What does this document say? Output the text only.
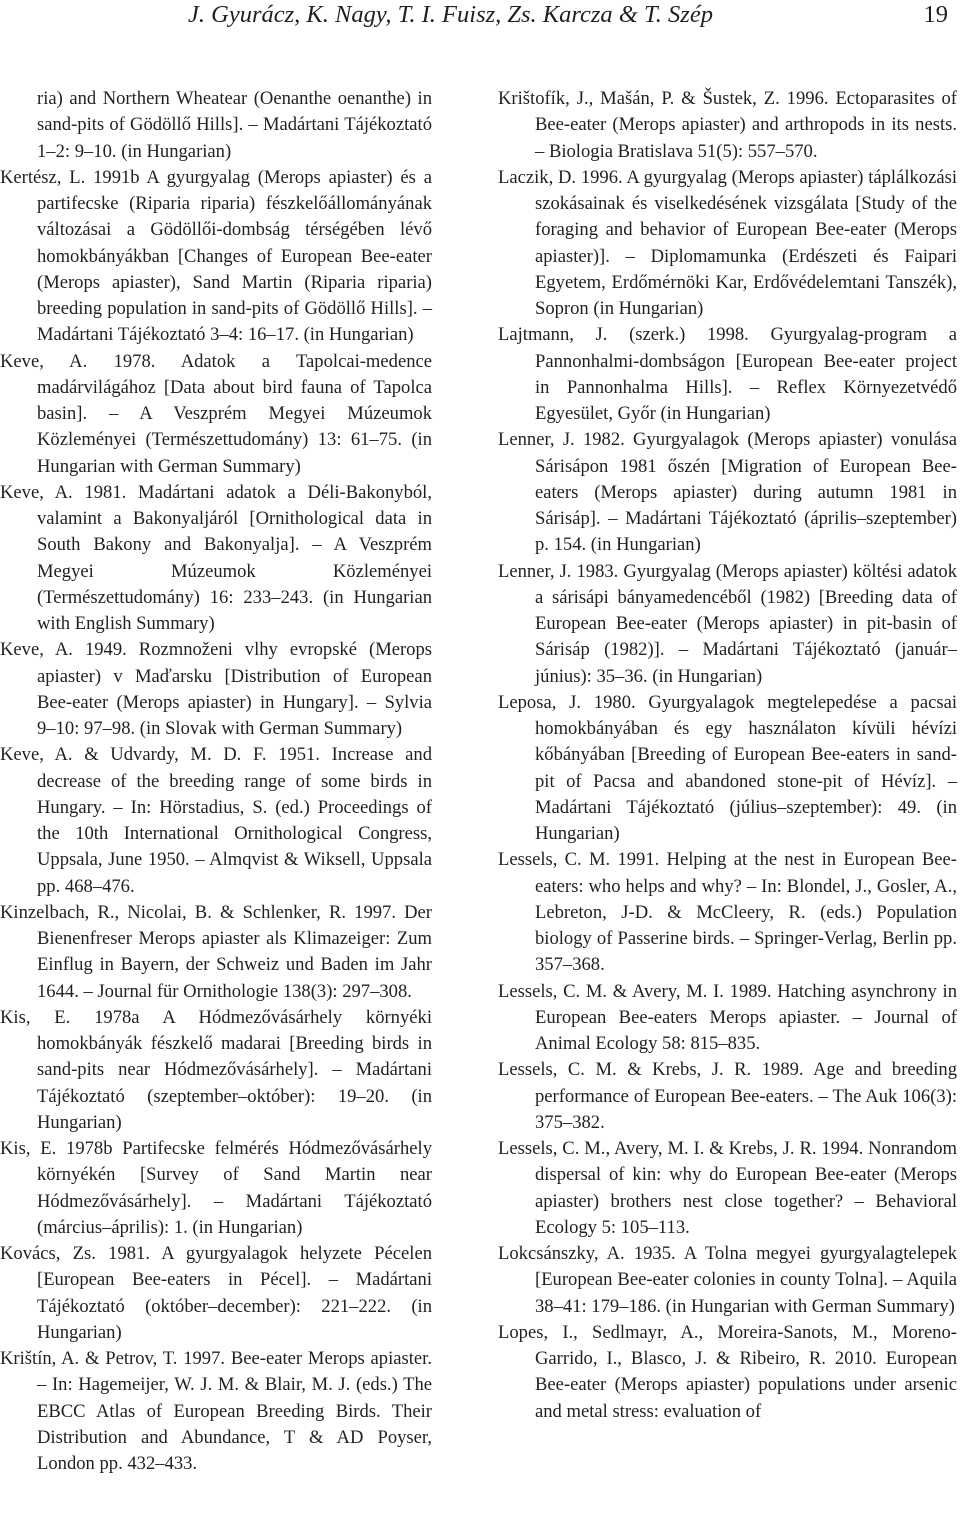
J. Gyurácz, K. Nagy, T. I. Fuisz, Zs. Karcza & T. Szép	19

ria) and Northern Wheatear (Oenanthe oenanthe) in sand-pits of Gödöllő Hills]. – Madártani Tájékoztató 1–2: 9–10. (in Hungarian)

Kertész, L. 1991b A gyurgyalag (Merops apiaster) és a partifecske (Riparia riparia) fészkelőállományának változásai a Gödöllői-dombság térségében lévő homokbányákban [Changes of European Bee-eater (Merops apiaster), Sand Martin (Riparia riparia) breeding population in sand-pits of Gödöllő Hills]. – Madártani Tájékoztató 3–4: 16–17. (in Hungarian)

Keve, A. 1978. Adatok a Tapolcai-medence madárvilágához [Data about bird fauna of Tapolca basin]. – A Veszprém Megyei Múzeumok Közleményei (Természettudomány) 13: 61–75. (in Hungarian with German Summary)

Keve, A. 1981. Madártani adatok a Déli-Bakonyból, valamint a Bakonyaljáról [Ornithological data in South Bakony and Bakonyalja]. – A Veszprém Megyei Múzeumok Közleményei (Természettudomány) 16: 233–243. (in Hungarian with English Summary)

Keve, A. 1949. Rozmnoženi vlhy evropské (Merops apiaster) v Maďarsku [Distribution of European Bee-eater (Merops apiaster) in Hungary]. – Sylvia 9–10: 97–98. (in Slovak with German Summary)

Keve, A. & Udvardy, M. D. F. 1951. Increase and decrease of the breeding range of some birds in Hungary. – In: Hörstadius, S. (ed.) Proceedings of the 10th International Ornithological Congress, Uppsala, June 1950. – Almqvist & Wiksell, Uppsala pp. 468–476.

Kinzelbach, R., Nicolai, B. & Schlenker, R. 1997. Der Bienenfreser Merops apiaster als Klimazeiger: Zum Einflug in Bayern, der Schweiz und Baden im Jahr 1644. – Journal für Ornithologie 138(3): 297–308.

Kis, E. 1978a A Hódmezővásárhely környéki homokbányák fészkelő madarai [Breeding birds in sand-pits near Hódmezővásárhely]. – Madártani Tájékoztató (szeptember–október): 19–20. (in Hungarian)

Kis, E. 1978b Partifecske felmérés Hódmezővásárhely környékén [Survey of Sand Martin near Hódmezővásárhely]. – Madártani Tájékoztató (március–április): 1. (in Hungarian)

Kovács, Zs. 1981. A gyurgyalagok helyzete Pécelen [European Bee-eaters in Pécel]. – Madártani Tájékoztató (október–december): 221–222. (in Hungarian)

Krištín, A. & Petrov, T. 1997. Bee-eater Merops apiaster. – In: Hagemeijer, W. J. M. & Blair, M. J. (eds.) The EBCC Atlas of European Breeding Birds. Their Distribution and Abundance, T & AD Poyser, London pp. 432–433.

Krištofík, J., Mašán, P. & Šustek, Z. 1996. Ectoparasites of Bee-eater (Merops apiaster) and arthropods in its nests. – Biologia Bratislava 51(5): 557–570.

Laczik, D. 1996. A gyurgyalag (Merops apiaster) táplálkozási szokásainak és viselkedésének vizsgálata [Study of the foraging and behavior of European Bee-eater (Merops apiaster)]. – Diplomamunka (Erdészeti és Faipari Egyetem, Erdőmérnöki Kar, Erdővédelemtani Tanszék), Sopron (in Hungarian)

Lajtmann, J. (szerk.) 1998. Gyurgyalag-program a Pannonhalmi-dombságon [European Bee-eater project in Pannonhalma Hills]. – Reflex Környezetvédő Egyesület, Győr (in Hungarian)

Lenner, J. 1982. Gyurgyalagok (Merops apiaster) vonulása Sárisápon 1981 őszén [Migration of European Bee-eaters (Merops apiaster) during autumn 1981 in Sárisáp]. – Madártani Tájékoztató (április–szeptember) p. 154. (in Hungarian)

Lenner, J. 1983. Gyurgyalag (Merops apiaster) költési adatok a sárisápi bányamedencéből (1982) [Breeding data of European Bee-eater (Merops apiaster) in pit-basin of Sárisáp (1982)]. – Madártani Tájékoztató (január–június): 35–36. (in Hungarian)

Leposa, J. 1980. Gyurgyalagok megtelepedése a pacsai homokbányában és egy használaton kívüli hévízi kőbányában [Breeding of European Bee-eaters in sand-pit of Pacsa and abandoned stone-pit of Hévíz]. – Madártani Tájékoztató (július–szeptember): 49. (in Hungarian)

Lessels, C. M. 1991. Helping at the nest in European Bee-eaters: who helps and why? – In: Blondel, J., Gosler, A., Lebreton, J-D. & McCleery, R. (eds.) Population biology of Passerine birds. – Springer-Verlag, Berlin pp. 357–368.

Lessels, C. M. & Avery, M. I. 1989. Hatching asynchrony in European Bee-eaters Merops apiaster. – Journal of Animal Ecology 58: 815–835.

Lessels, C. M. & Krebs, J. R. 1989. Age and breeding performance of European Bee-eaters. – The Auk 106(3): 375–382.

Lessels, C. M., Avery, M. I. & Krebs, J. R. 1994. Nonrandom dispersal of kin: why do European Bee-eater (Merops apiaster) brothers nest close together? – Behavioral Ecology 5: 105–113.

Lokcsánszky, A. 1935. A Tolna megyei gyurgyalagtelepek [European Bee-eater colonies in county Tolna]. – Aquila 38–41: 179–186. (in Hungarian with German Summary)

Lopes, I., Sedlmayr, A., Moreira-Sanots, M., Moreno-Garrido, I., Blasco, J. & Ribeiro, R. 2010. European Bee-eater (Merops apiaster) populations under arsenic and metal stress: evaluation of
